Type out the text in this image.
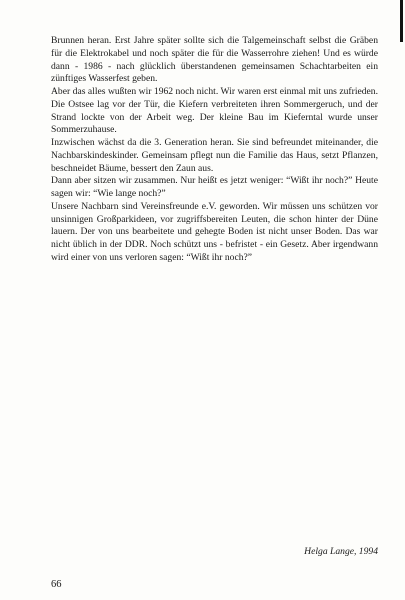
Brunnen heran. Erst Jahre später sollte sich die Talgemeinschaft selbst die Gräben für die Elektrokabel und noch später die für die Wasserrohre ziehen! Und es würde dann - 1986 - nach glücklich überstandenen gemeinsamen Schachtarbeiten ein zünftiges Wasserfest geben.

Aber das alles wußten wir 1962 noch nicht. Wir waren erst einmal mit uns zufrieden. Die Ostsee lag vor der Tür, die Kiefern verbreiteten ihren Sommergeruch, und der Strand lockte von der Arbeit weg. Der kleine Bau im Kieferntal wurde unser Sommerzuhause.

Inzwischen wächst da die 3. Generation heran. Sie sind befreundet miteinander, die Nachbarskindeskinder. Gemeinsam pflegt nun die Familie das Haus, setzt Pflanzen, beschneidet Bäume, bessert den Zaun aus.

Dann aber sitzen wir zusammen. Nur heißt es jetzt weniger: “Wißt ihr noch?” Heute sagen wir: “Wie lange noch?”

Unsere Nachbarn sind Vereinsfreunde e.V. geworden. Wir müssen uns schützen vor unsinnigen Großparkideen, vor zugriffsbereiten Leuten, die schon hinter der Düne lauern. Der von uns bearbeitete und gehegte Boden ist nicht unser Boden. Das war nicht üblich in der DDR. Noch schützt uns - befristet - ein Gesetz. Aber irgendwann wird einer von uns verloren sagen: “Wißt ihr noch?”

Helga Lange, 1994
66
